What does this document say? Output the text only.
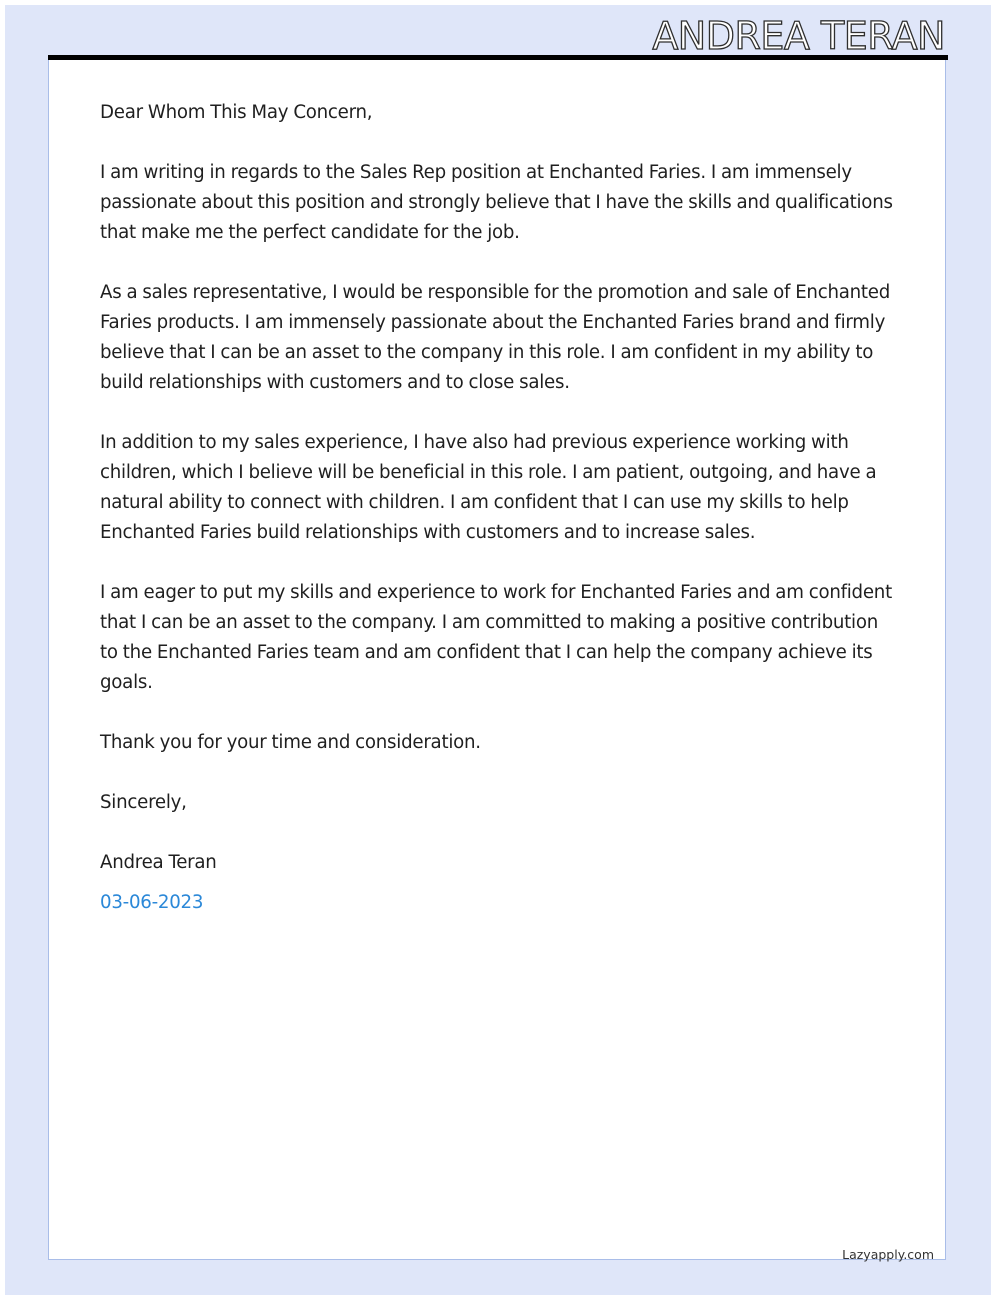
ANDREA TERAN

Dear Whom This May Concern,

I am writing in regards to the Sales Rep position at Enchanted Faries. I am immensely passionate about this position and strongly believe that I have the skills and qualifications that make me the perfect candidate for the job.

As a sales representative, I would be responsible for the promotion and sale of Enchanted Faries products. I am immensely passionate about the Enchanted Faries brand and firmly believe that I can be an asset to the company in this role. I am confident in my ability to build relationships with customers and to close sales.

In addition to my sales experience, I have also had previous experience working with children, which I believe will be beneficial in this role. I am patient, outgoing, and have a natural ability to connect with children. I am confident that I can use my skills to help Enchanted Faries build relationships with customers and to increase sales.

I am eager to put my skills and experience to work for Enchanted Faries and am confident that I can be an asset to the company. I am committed to making a positive contribution to the Enchanted Faries team and am confident that I can help the company achieve its goals.

Thank you for your time and consideration.

Sincerely,

Andrea Teran

03-06-2023

Lazyapply.com
